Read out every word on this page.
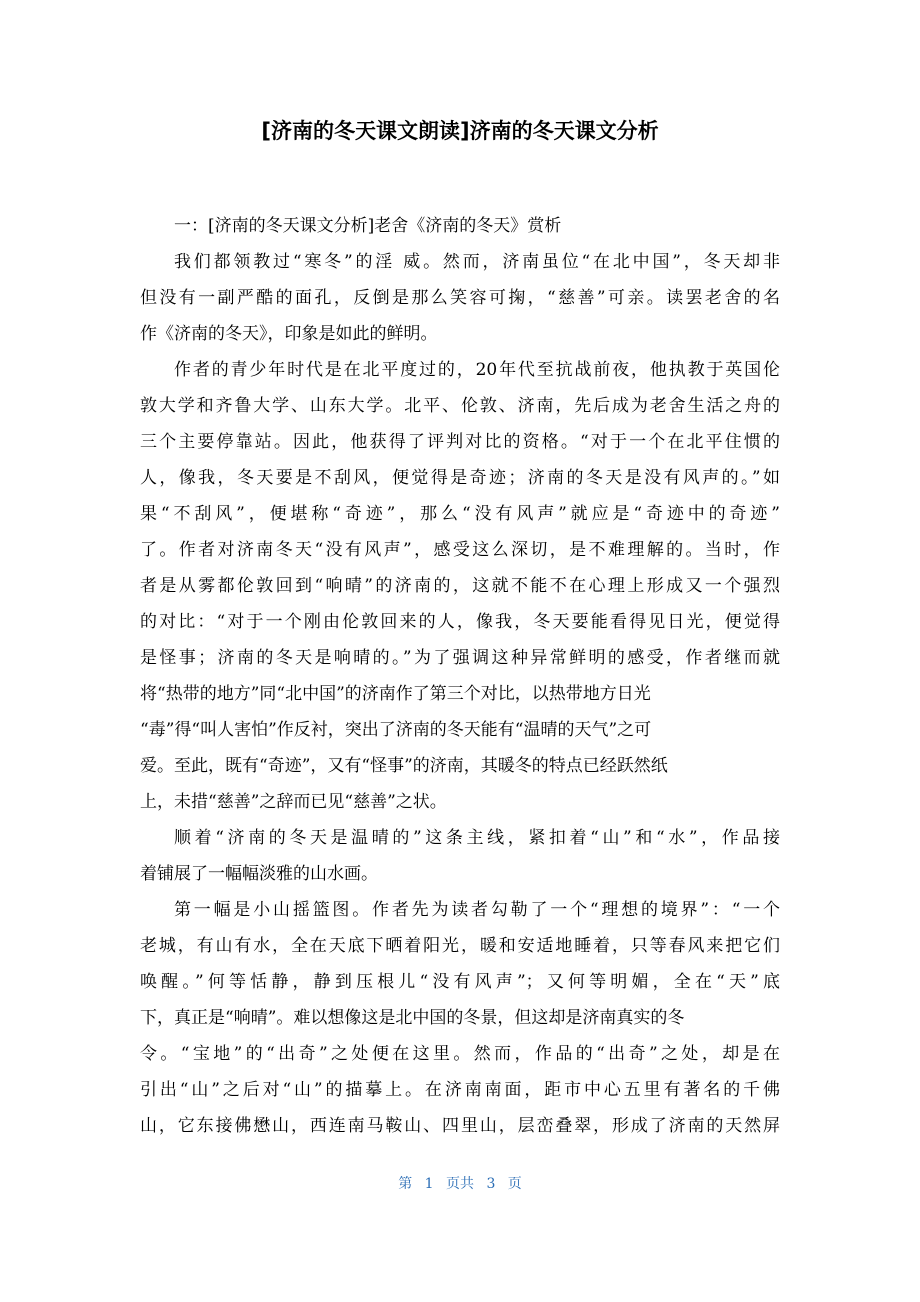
[济南的冬天课文朗读]济南的冬天课文分析
一：[济南的冬天课文分析]老舍《济南的冬天》赏析
我们都领教过“寒冬”的淫 威。然而，济南虽位“在北中国”，冬天却非
但没有一副严酷的面孔，反倒是那么笑容可掬，“慈善”可亲。读罢老舍的名
作《济南的冬天》，印象是如此的鲜明。
作者的青少年时代是在北平度过的，20年代至抗战前夜，他执教于英国伦
敦大学和齐鲁大学、山东大学。北平、伦敦、济南，先后成为老舍生活之舟的
三个主要停靠站。因此，他获得了评判对比的资格。“对于一个在北平住惯的
人，像我，冬天要是不刮风，便觉得是奇迹；济南的冬天是没有风声的。”如
果“不刮风”，便堪称“奇迹”，那么“没有风声”就应是“奇迹中的奇迹”
了。作者对济南冬天“没有风声”，感受这么深切，是不难理解的。当时，作
者是从雾都伦敦回到“响晴”的济南的，这就不能不在心理上形成又一个强烈
的对比：“对于一个刚由伦敦回来的人，像我，冬天要能看得见日光，便觉得
是怪事；济南的冬天是响晴的。”为了强调这种异常鲜明的感受，作者继而就
将“热带的地方”同“北中国”的济南作了第三个对比，以热带地方日光
“毒”得“叫人害怕”作反衬，突出了济南的冬天能有“温晴的天气”之可
爱。至此，既有“奇迹”，又有“怪事”的济南，其暖冬的特点已经跃然纸
上，未措“慈善”之辞而已见“慈善”之状。
顺着“济南的冬天是温晴的”这条主线，紧扣着“山”和“水”，作品接
着铺展了一幅幅淡雅的山水画。
第一幅是小山摇篮图。作者先为读者勾勒了一个“理想的境界”：“一个
老城，有山有水，全在天底下晒着阳光，暖和安适地睡着，只等春风来把它们
唤醒。”何等恬静，静到压根儿“没有风声”；又何等明媚，全在“天”底
下，真正是“响晴”。难以想像这是北中国的冬景，但这却是济南真实的冬
令。“宝地”的“出奇”之处便在这里。然而，作品的“出奇”之处，却是在
引出“山”之后对“山”的描摹上。在济南南面，距市中心五里有著名的千佛
山，它东接佛懋山，西连南马鞍山、四里山，层峦叠翠，形成了济南的天然屏
第 1 页共 3 页
